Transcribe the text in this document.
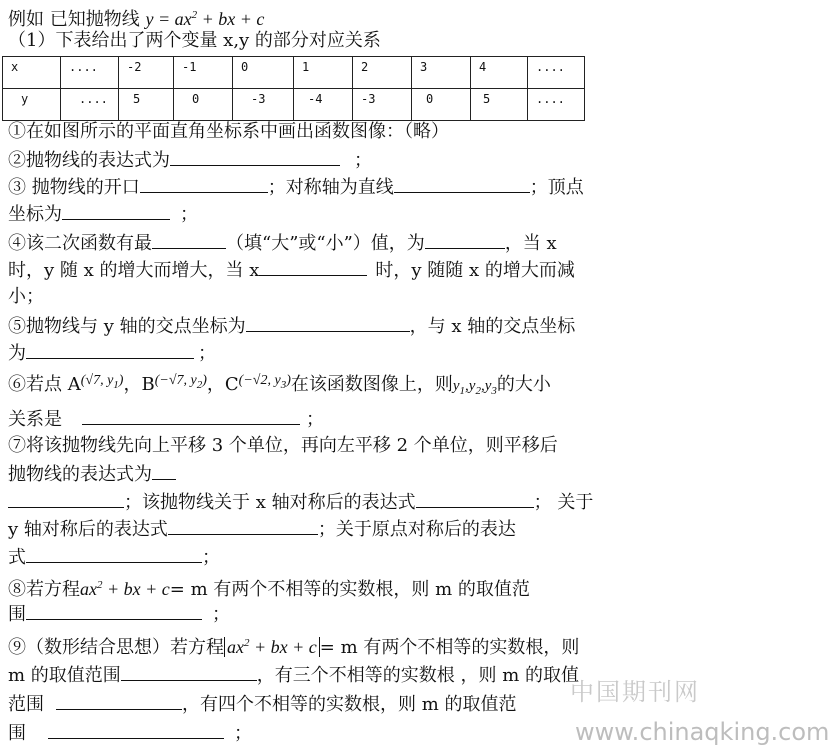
例如 已知抛物线 $y = ax^2$ + bx + c
（1）下表给出了两个变量 x,y 的部分对应关系
x	....	-2	-1	0	1	2	3	4	....
y	....	5	0	-3	-4	-3	0	5	....
①在如图所示的平面直角坐标系中画出函数图像：（略）
②抛物线的表达式为	；
③ 抛物线的开口	；对称轴为直线	；顶点
坐标为	；
④该二次函数有最	（填“大”或“小”）值，为	，当 x
时，y 随 x 的增大而增大，当 x	时，y 随随 x 的增大而减
小；
⑤抛物线与 y 轴的交点坐标为	，与 x 轴的交点坐标
为	；
⑥若点 $A^{(√7, y_1)}$，$B^{(-√7, y_2)}$，$C^{(-√2, y_3)}$在该函数图像上，则$y_1,y_2,y_3$的大小
关系是	；
⑦将该抛物线先向上平移 3 个单位，再向左平移 2 个单位，则平移后
抛物线的表达式为
；该抛物线关于 x 轴对称后的表达式	； 关于
y 轴对称后的表达式	；关于原点对称后的表达
式	；
⑧若方程$ax^2$ + bx + c= m 有两个不相等的实数根，则 m 的取值范
围	；
⑨（数形结合思想）若方程 $ax^2$ + bx + c = m 有两个不相等的实数根，则
m 的取值范围	，有三个不相等的实数根 ，则 m 的取值
范围	，有四个不相等的实数根，则 m 的取值范
围	；
中国期刊网
www.chinaqking.com
